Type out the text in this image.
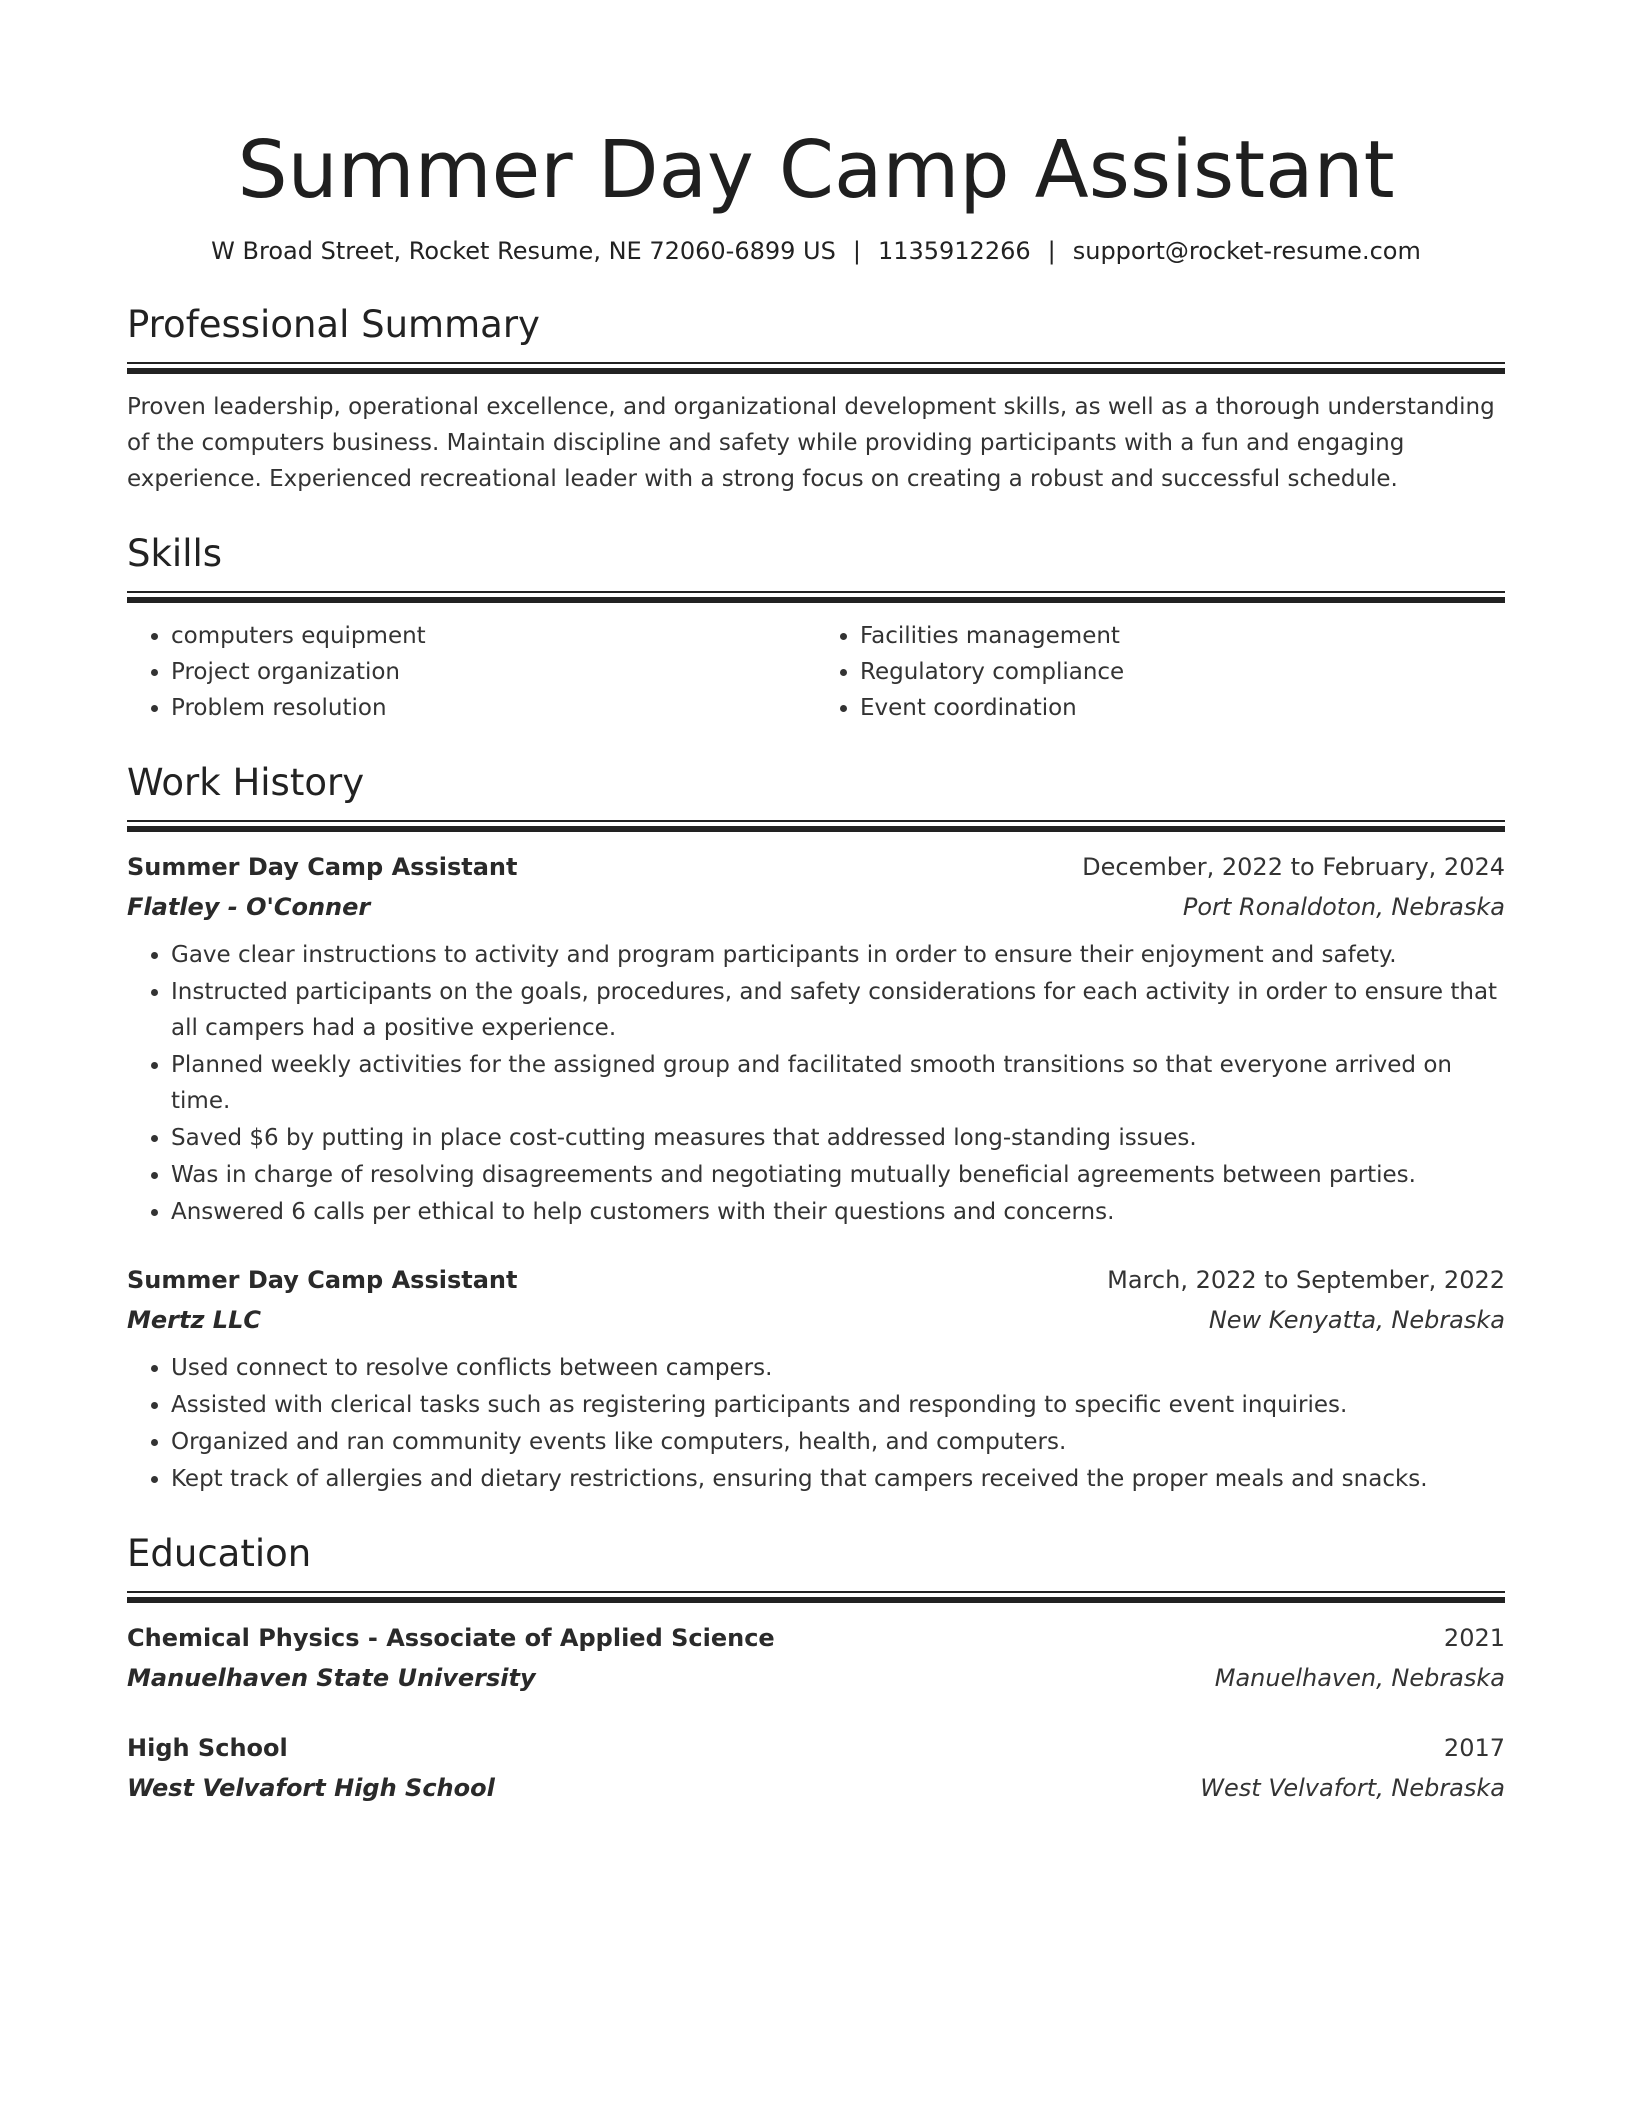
Summer Day Camp Assistant
W Broad Street, Rocket Resume, NE 72060-6899 US | 1135912266 | support@rocket-resume.com
Professional Summary
Proven leadership, operational excellence, and organizational development skills, as well as a thorough understanding of the computers business. Maintain discipline and safety while providing participants with a fun and engaging experience. Experienced recreational leader with a strong focus on creating a robust and successful schedule.
Skills
• computers equipment
• Project organization
• Problem resolution
• Facilities management
• Regulatory compliance
• Event coordination
Work History
Summer Day Camp Assistant	December, 2022 to February, 2024
Flatley - O'Conner	Port Ronaldoton, Nebraska
• Gave clear instructions to activity and program participants in order to ensure their enjoyment and safety.
• Instructed participants on the goals, procedures, and safety considerations for each activity in order to ensure that all campers had a positive experience.
• Planned weekly activities for the assigned group and facilitated smooth transitions so that everyone arrived on time.
• Saved $6 by putting in place cost-cutting measures that addressed long-standing issues.
• Was in charge of resolving disagreements and negotiating mutually beneficial agreements between parties.
• Answered 6 calls per ethical to help customers with their questions and concerns.
Summer Day Camp Assistant	March, 2022 to September, 2022
Mertz LLC	New Kenyatta, Nebraska
• Used connect to resolve conflicts between campers.
• Assisted with clerical tasks such as registering participants and responding to specific event inquiries.
• Organized and ran community events like computers, health, and computers.
• Kept track of allergies and dietary restrictions, ensuring that campers received the proper meals and snacks.
Education
Chemical Physics - Associate of Applied Science	2021
Manuelhaven State University	Manuelhaven, Nebraska
High School	2017
West Velvafort High School	West Velvafort, Nebraska
